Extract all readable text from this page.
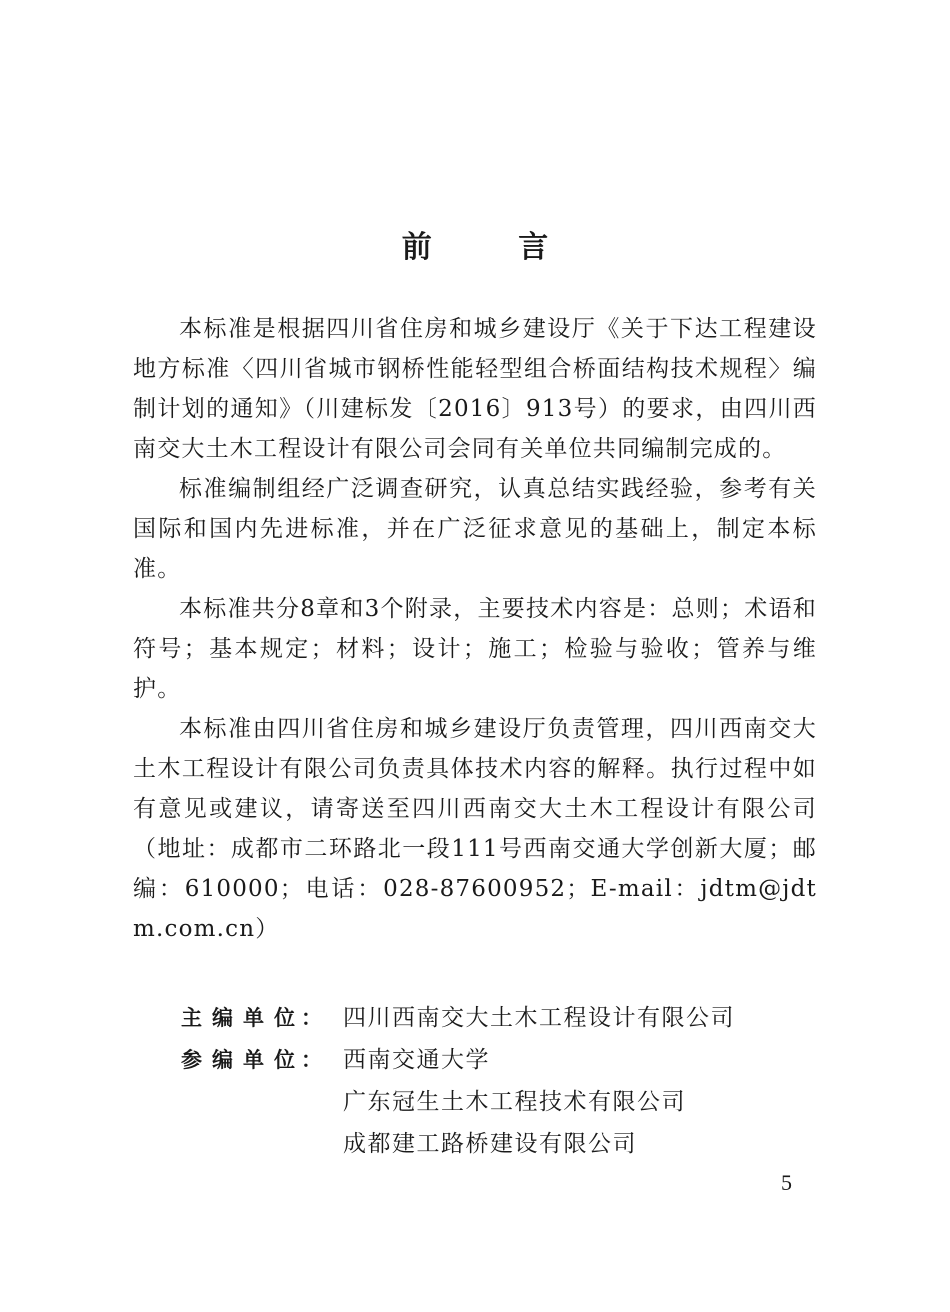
前 言

本标准是根据四川省住房和城乡建设厅《关于下达工程建设地方标准〈四川省城市钢桥性能轻型组合桥面结构技术规程〉编制计划的通知》（川建标发〔2016〕913号）的要求，由四川西南交大土木工程设计有限公司会同有关单位共同编制完成的。

标准编制组经广泛调查研究，认真总结实践经验，参考有关国际和国内先进标准，并在广泛征求意见的基础上，制定本标准。

本标准共分8章和3个附录，主要技术内容是：总则；术语和符号；基本规定；材料；设计；施工；检验与验收；管养与维护。

本标准由四川省住房和城乡建设厅负责管理，四川西南交大土木工程设计有限公司负责具体技术内容的解释。执行过程中如有意见或建议，请寄送至四川西南交大土木工程设计有限公司（地址：成都市二环路北一段111号西南交通大学创新大厦；邮编：610000；电话：028-87600952；E-mail：jdtm@jdtm.com.cn）

主编单位： 四川西南交大土木工程设计有限公司
参编单位： 西南交通大学
广东冠生土木工程技术有限公司
成都建工路桥建设有限公司
5
